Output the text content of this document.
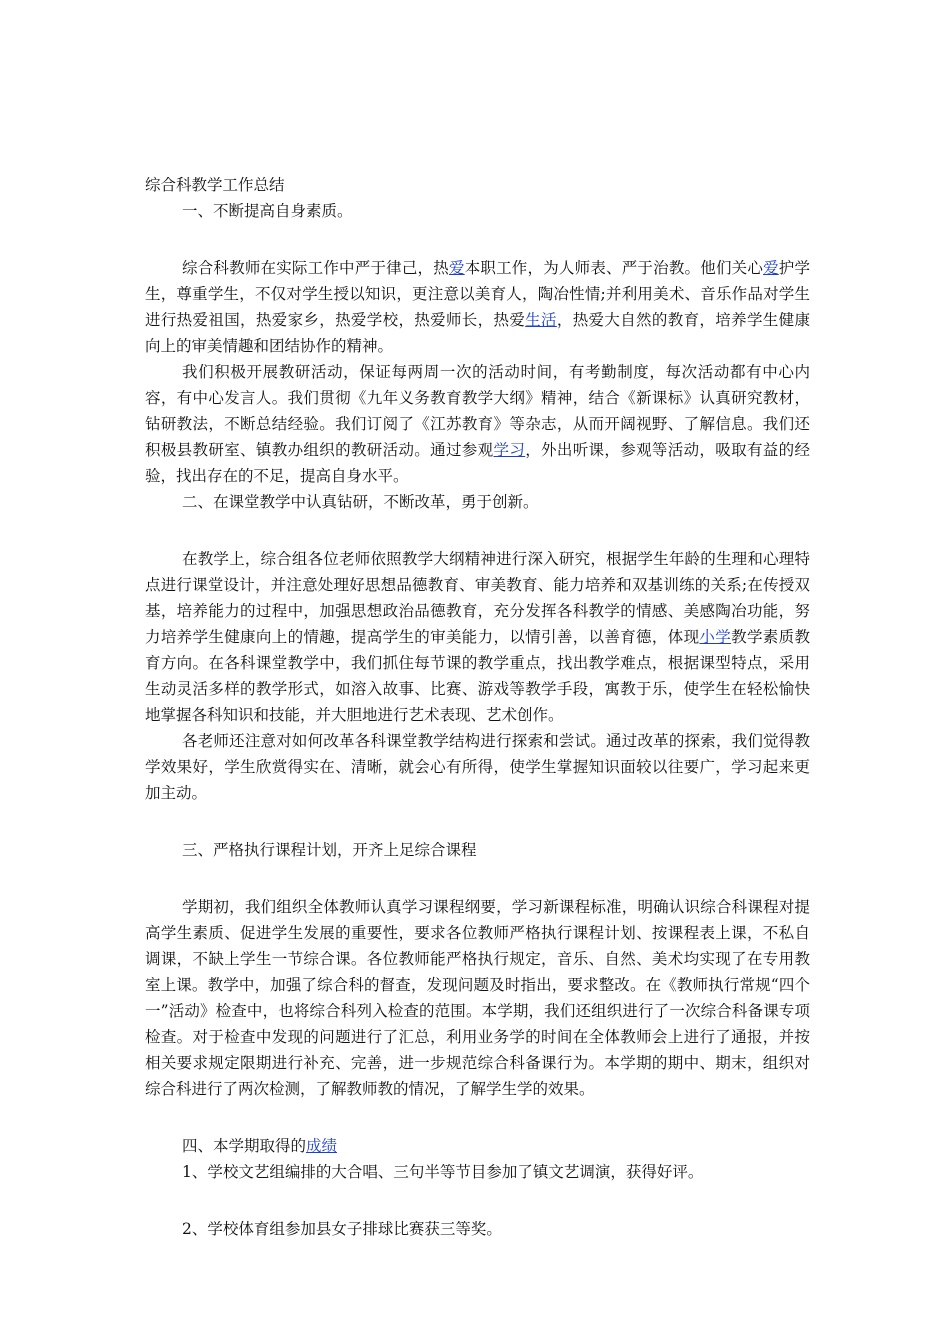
综合科教学工作总结
一、不断提高自身素质。

综合科教师在实际工作中严于律己，热爱本职工作，为人师表、严于治教。他们关心爱护学生，尊重学生，不仅对学生授以知识，更注意以美育人，陶冶性情;并利用美术、音乐作品对学生进行热爱祖国，热爱家乡，热爱学校，热爱师长，热爱生活，热爱大自然的教育，培养学生健康向上的审美情趣和团结协作的精神。

我们积极开展教研活动，保证每两周一次的活动时间，有考勤制度，每次活动都有中心内容，有中心发言人。我们贯彻《九年义务教育教学大纲》精神，结合《新课标》认真研究教材，钻研教法，不断总结经验。我们订阅了《江苏教育》等杂志，从而开阔视野、了解信息。我们还积极县教研室、镇教办组织的教研活动。通过参观学习，外出听课，参观等活动，吸取有益的经验，找出存在的不足，提高自身水平。

二、在课堂教学中认真钻研，不断改革，勇于创新。

在教学上，综合组各位老师依照教学大纲精神进行深入研究，根据学生年龄的生理和心理特点进行课堂设计，并注意处理好思想品德教育、审美教育、能力培养和双基训练的关系;在传授双基，培养能力的过程中，加强思想政治品德教育，充分发挥各科教学的情感、美感陶冶功能，努力培养学生健康向上的情趣，提高学生的审美能力，以情引善，以善育德，体现小学教学素质教育方向。在各科课堂教学中，我们抓住每节课的教学重点，找出教学难点，根据课型特点，采用生动灵活多样的教学形式，如溶入故事、比赛、游戏等教学手段，寓教于乐，使学生在轻松愉快地掌握各科知识和技能，并大胆地进行艺术表现、艺术创作。

各老师还注意对如何改革各科课堂教学结构进行探索和尝试。通过改革的探索，我们觉得教学效果好，学生欣赏得实在、清晰，就会心有所得，使学生掌握知识面较以往要广，学习起来更加主动。

三、严格执行课程计划，开齐上足综合课程

学期初，我们组织全体教师认真学习课程纲要，学习新课程标准，明确认识综合科课程对提高学生素质、促进学生发展的重要性，要求各位教师严格执行课程计划、按课程表上课，不私自调课，不缺上学生一节综合课。各位教师能严格执行规定，音乐、自然、美术均实现了在专用教室上课。教学中，加强了综合科的督查，发现问题及时指出，要求整改。在《教师执行常规“四个一”活动》检查中，也将综合科列入检查的范围。本学期，我们还组织进行了一次综合科备课专项检查。对于检查中发现的问题进行了汇总，利用业务学的时间在全体教师会上进行了通报，并按相关要求规定限期进行补充、完善，进一步规范综合科备课行为。本学期的期中、期末，组织对综合科进行了两次检测，了解教师教的情况，了解学生学的效果。

四、本学期取得的成绩
1、学校文艺组编排的大合唱、三句半等节目参加了镇文艺调演，获得好评。
2、学校体育组参加县女子排球比赛获三等奖。
